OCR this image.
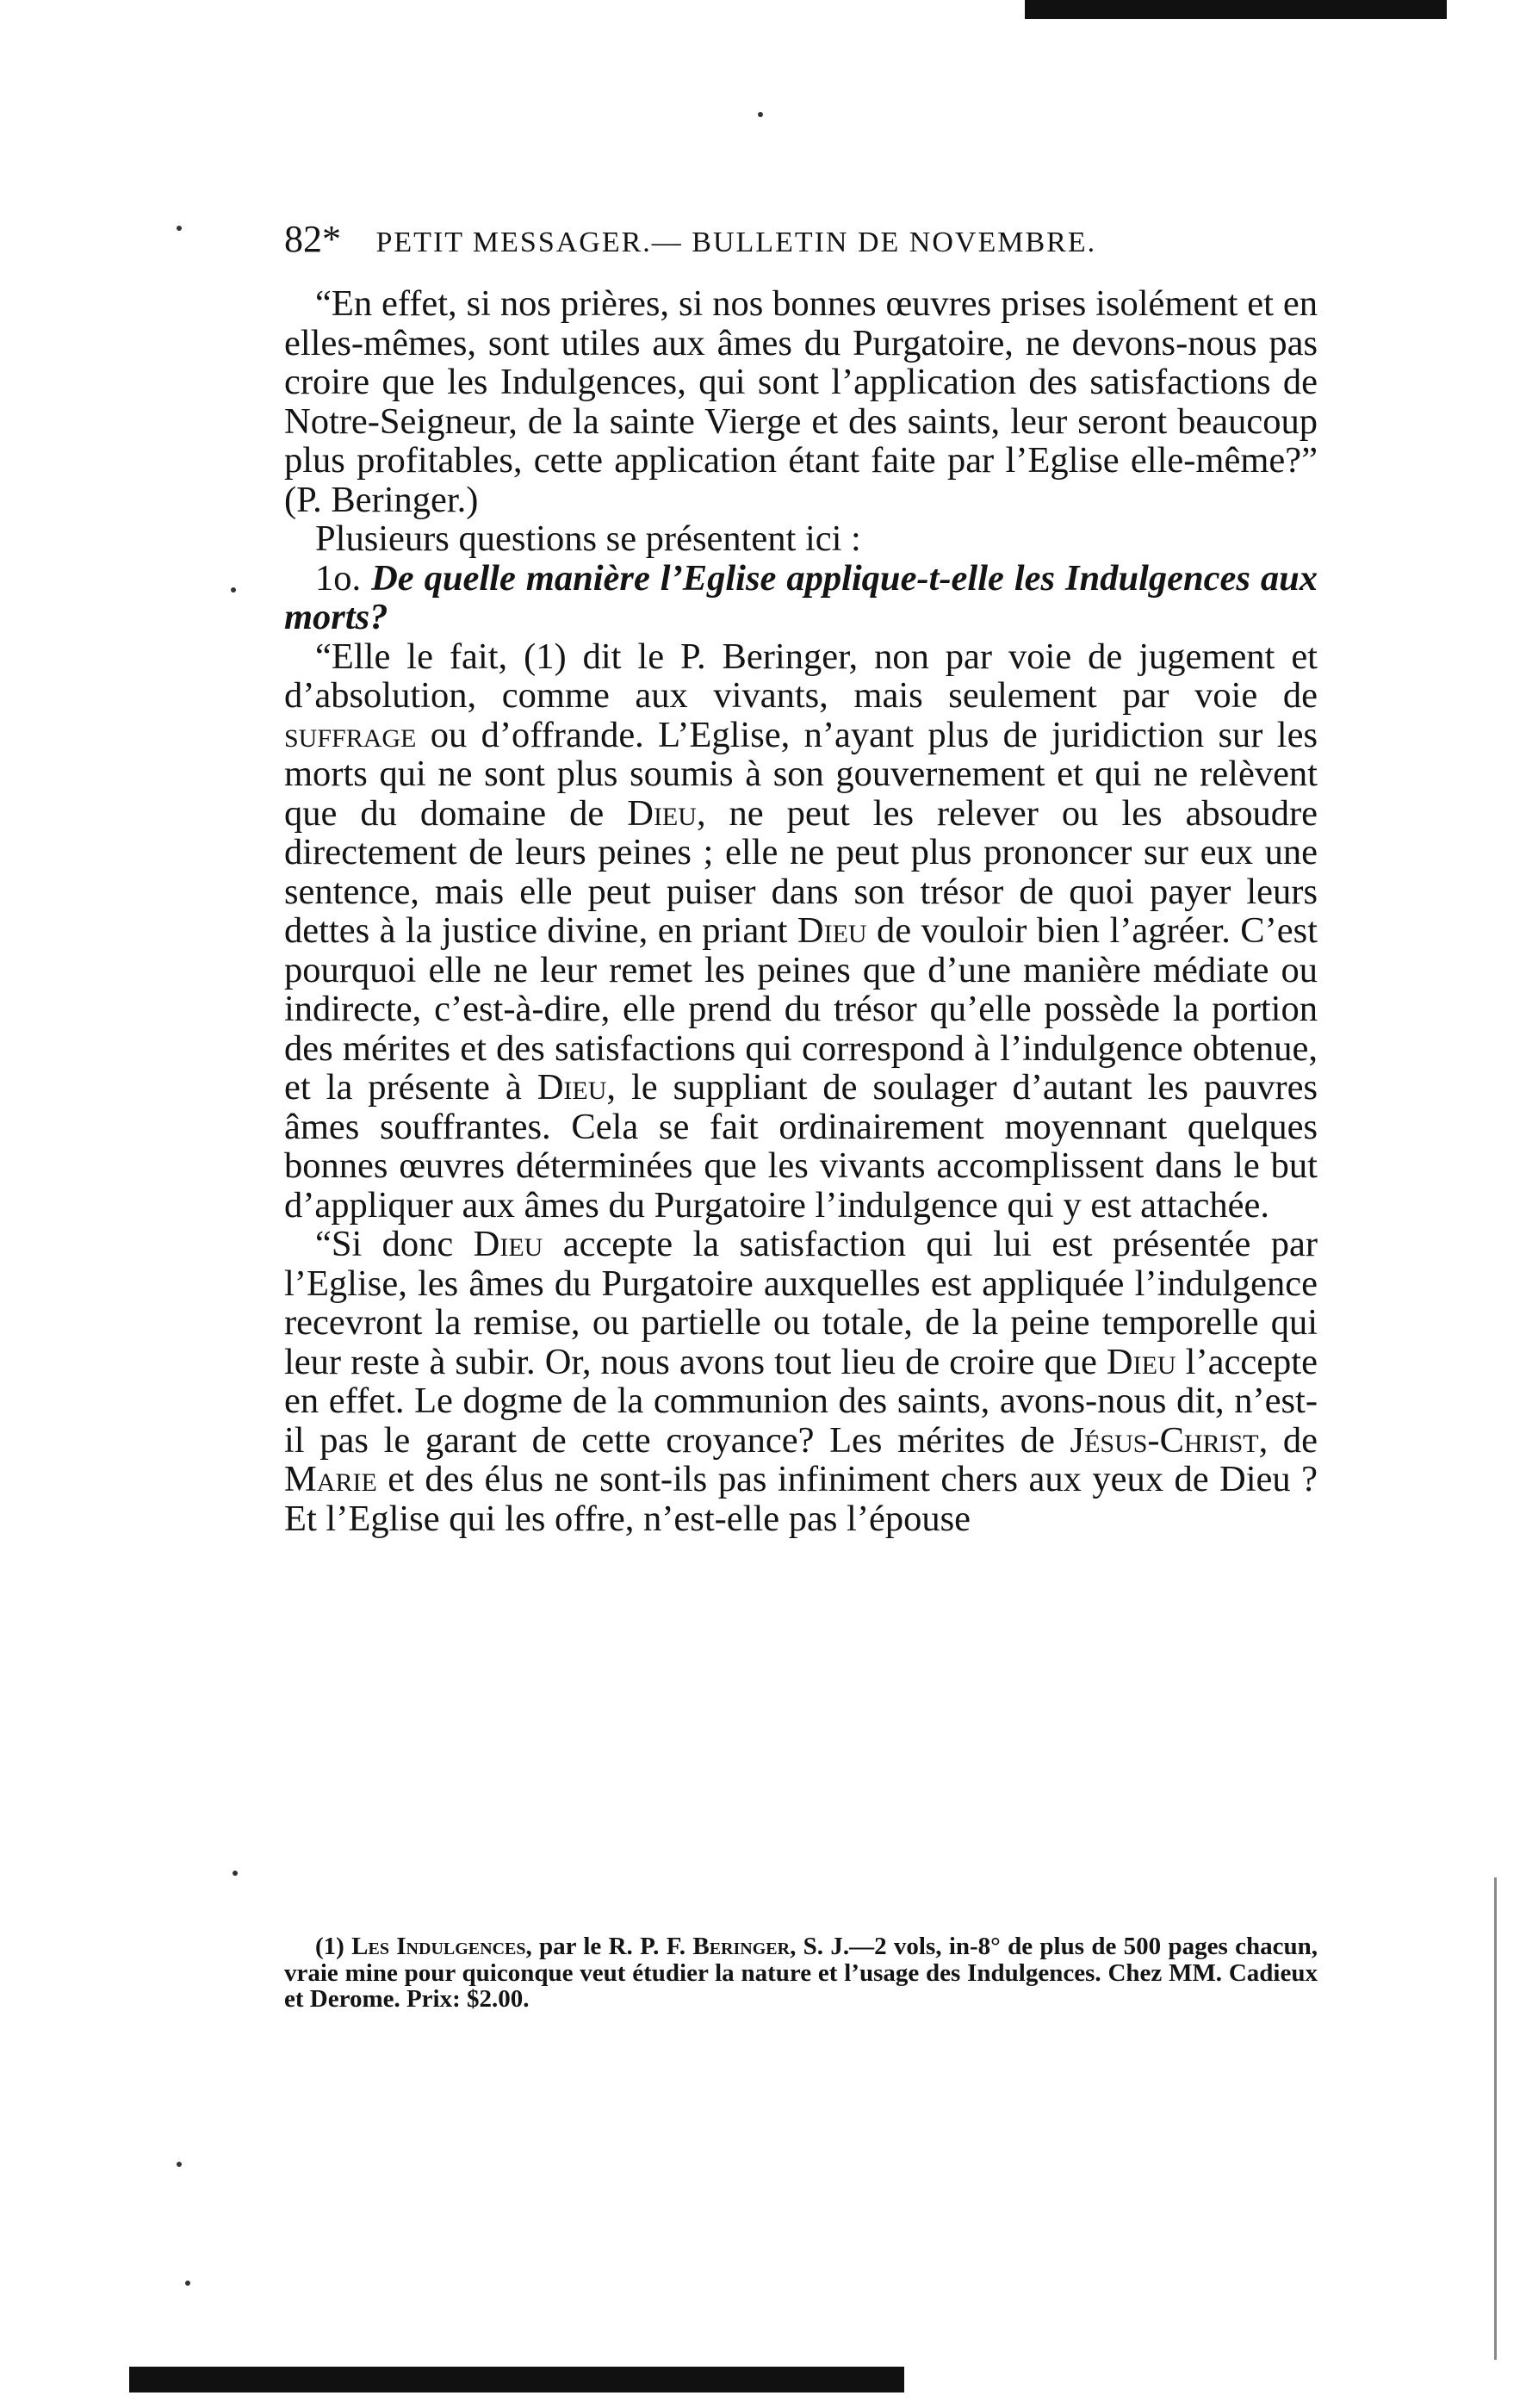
82* PETIT MESSAGER.— BULLETIN DE NOVEMBRE.

“En effet, si nos prières, si nos bonnes œuvres prises isolément et en elles-mêmes, sont utiles aux âmes du Purgatoire, ne devons-nous pas croire que les Indulgences, qui sont l’application des satisfactions de Notre-Seigneur, de la sainte Vierge et des saints, leur seront beaucoup plus profitables, cette application étant faite par l’Eglise elle-même?” (P. Beringer.)

Plusieurs questions se présentent ici :

1o. De quelle manière l’Eglise applique-t-elle les Indulgences aux morts?

“Elle le fait, (1) dit le P. Beringer, non par voie de jugement et d’absolution, comme aux vivants, mais seulement par voie de suffrage ou d’offrande. L’Eglise, n’ayant plus de juridiction sur les morts qui ne sont plus soumis à son gouvernement et qui ne relèvent que du domaine de Dieu, ne peut les relever ou les absoudre directement de leurs peines ; elle ne peut plus prononcer sur eux une sentence, mais elle peut puiser dans son trésor de quoi payer leurs dettes à la justice divine, en priant Dieu de vouloir bien l’agréer. C’est pourquoi elle ne leur remet les peines que d’une manière médiate ou indirecte, c’est-à-dire, elle prend du trésor qu’elle possède la portion des mérites et des satisfactions qui correspond à l’indulgence obtenue, et la présente à Dieu, le suppliant de soulager d’autant les pauvres âmes souffrantes. Cela se fait ordinairement moyennant quelques bonnes œuvres déterminées que les vivants accomplissent dans le but d’appliquer aux âmes du Purgatoire l’indulgence qui y est attachée.

“Si donc Dieu accepte la satisfaction qui lui est présentée par l’Eglise, les âmes du Purgatoire auxquelles est appliquée l’indulgence recevront la remise, ou partielle ou totale, de la peine temporelle qui leur reste à subir. Or, nous avons tout lieu de croire que Dieu l’accepte en effet. Le dogme de la communion des saints, avons-nous dit, n’est-il pas le garant de cette croyance? Les mérites de Jésus-Christ, de Marie et des élus ne sont-ils pas infiniment chers aux yeux de Dieu ? Et l’Eglise qui les offre, n’est-elle pas l’épouse

(1) Les Indulgences, par le R. P. F. Beringer, S. J.—2 vols, in-8° de plus de 500 pages chacun, vraie mine pour quiconque veut étudier la nature et l’usage des Indulgences. Chez MM. Cadieux et Derome. Prix: $2.00.
